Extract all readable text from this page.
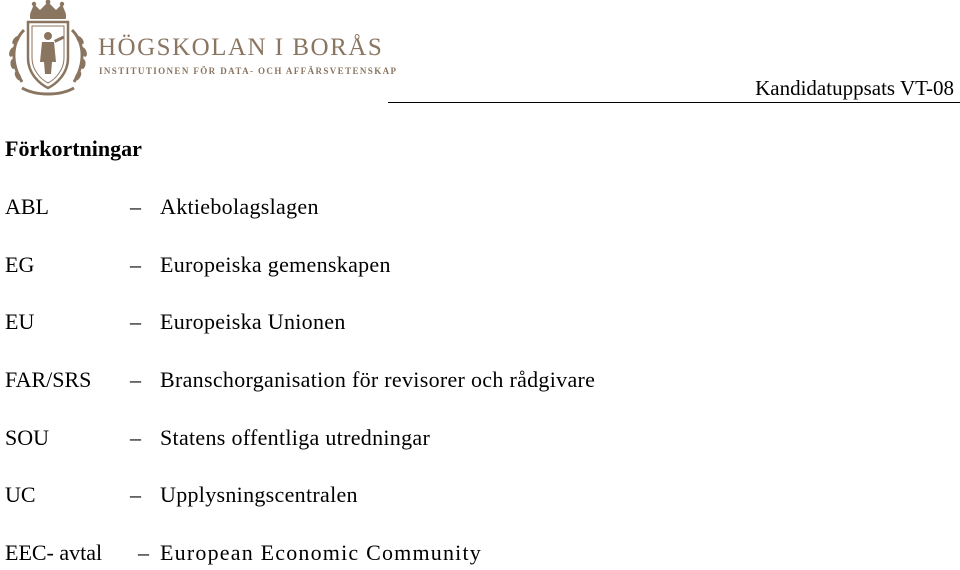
HÖGSKOLAN I BORÅS
INSTITUTIONEN FÖR DATA- OCH AFFÄRSVETENSKAP
Kandidatuppsats VT-08
Förkortningar
ABL	– Aktiebolagslagen
EG	– Europeiska gemenskapen
EU	– Europeiska Unionen
FAR/SRS – Branschorganisation för revisorer och rådgivare
SOU	– Statens offentliga utredningar
UC	– Upplysningscentralen
EEC- avtal – European Economic Community
